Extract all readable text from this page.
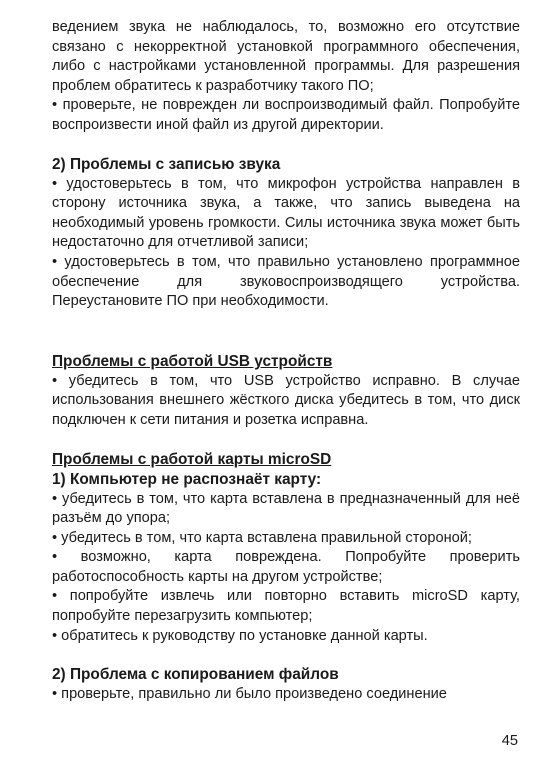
ведением звука не наблюдалось, то, возможно его отсутствие связано с некорректной установкой программного обеспечения, либо с настройками установленной программы. Для разрешения проблем обратитесь к разработчику такого ПО;

• проверьте, не поврежден ли воспроизводимый файл. Попробуйте воспроизвести иной файл из другой директории.

2) Проблемы с записью звука

• удостоверьтесь в том, что микрофон устройства направлен в сторону источника звука, а также, что запись выведена на необходимый уровень громкости. Силы источника звука может быть недостаточно для отчетливой записи;

• удостоверьтесь в том, что правильно установлено программное обеспечение для звуковоспроизводящего устройства. Переустановите ПО при необходимости.

Проблемы с работой USB устройств

• убедитесь в том, что USB устройство исправно. В случае использования внешнего жёсткого диска убедитесь в том, что диск подключен к сети питания и розетка исправна.

Проблемы с работой карты microSD
1) Компьютер не распознаёт карту:

• убедитесь в том, что карта вставлена в предназначенный для неё разъём до упора;

• убедитесь в том, что карта вставлена правильной стороной;

• возможно, карта повреждена. Попробуйте проверить работоспособность карты на другом устройстве;

• попробуйте извлечь или повторно вставить microSD карту, попробуйте перезагрузить компьютер;

• обратитесь к руководству по установке данной карты.

2) Проблема с копированием файлов

• проверьте, правильно ли было произведено соединение

45
